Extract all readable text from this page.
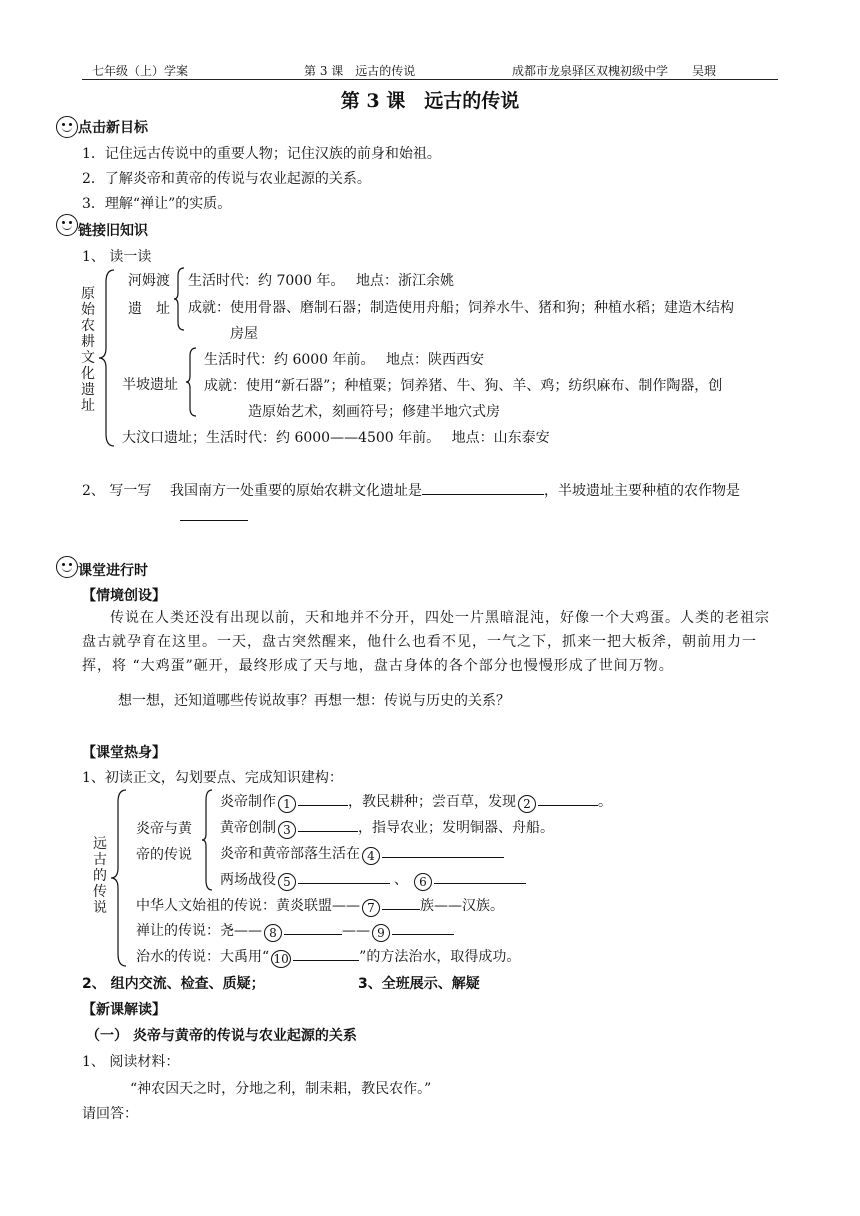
七年级（上）学案	第 3 课　远古的传说	成都市龙泉驿区双槐初级中学　　吴瑕
第 3 课　远古的传说
点击新目标
1．记住远古传说中的重要人物；记住汉族的前身和始祖。
2．了解炎帝和黄帝的传说与农业起源的关系。
3．理解“禅让”的实质。
链接旧知识
1、 读一读
原始农耕文化遗址
河姆渡
遗　址
生活时代：约 7000 年。　 地点：浙江余姚
成就：使用骨器、磨制石器；制造使用舟船；饲养水牛、猪和狗；种植水稻；建造木结构
房屋
半坡遗址
生活时代：约 6000 年前。　 地点：陕西西安
成就：使用“新石器”；种植粟；饲养猪、牛、狗、羊、鸡；纺织麻布、制作陶器，创
造原始艺术，刻画符号；修建半地穴式房
大汶口遗址；生活时代：约 6000——4500 年前。　 地点：山东泰安
2、 写一写 我国南方一处重要的原始农耕文化遗址是	，半坡遗址主要种植的农作物是
课堂进行时
【情境创设】
传说在人类还没有出现以前，天和地并不分开，四处一片黑暗混沌，好像一个大鸡蛋。人类的老祖宗盘古就孕育在这里。一天，盘古突然醒来，他什么也看不见，一气之下，抓来一把大板斧，朝前用力一挥，将 “大鸡蛋”砸开，最终形成了天与地，盘古身体的各个部分也慢慢形成了世间万物。
想一想，还知道哪些传说故事？再想一想：传说与历史的关系？
【课堂热身】
1、初读正文，勾划要点、完成知识建构：
远古的传说
炎帝与黄
帝的传说
炎帝制作 1	，教民耕种；尝百草，发现 2	。
黄帝创制 3	，指导农业；发明铜器、舟船。
炎帝和黄帝部落生活在 4
两场战役 5	、 6
中华人文始祖的传说：黄炎联盟—— 7	族——汉族。
禅让的传说：尧—— 8	—— 9
治水的传说：大禹用“ 10	”的方法治水，取得成功。
2、 组内交流、检查、质疑；	3、全班展示、解疑
【新课解读】
（一） 炎帝与黄帝的传说与农业起源的关系
1、 阅读材料：
“神农因天之时，分地之利，制耒耜，教民农作。”
请回答：
